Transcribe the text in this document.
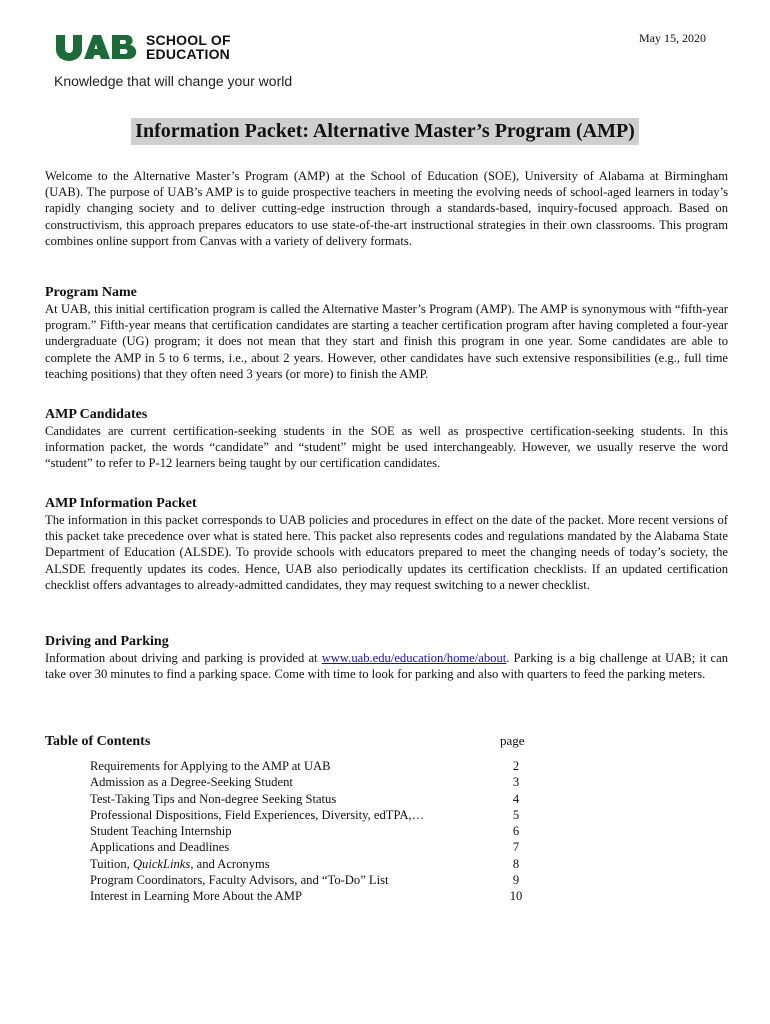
SCHOOL OF
EDUCATION
Knowledge that will change your world
May 15, 2020
Information Packet: Alternative Master’s Program (AMP)

Welcome to the Alternative Master’s Program (AMP) at the School of Education (SOE), University of Alabama at Birmingham (UAB). The purpose of UAB’s AMP is to guide prospective teachers in meeting the evolving needs of school-aged learners in today’s rapidly changing society and to deliver cutting-edge instruction through a standards-based, inquiry-focused approach. Based on constructivism, this approach prepares educators to use state-of-the-art instructional strategies in their own classrooms. This program combines online support from Canvas with a variety of delivery formats.

Program Name

At UAB, this initial certification program is called the Alternative Master’s Program (AMP). The AMP is synonymous with “fifth-year program.” Fifth-year means that certification candidates are starting a teacher certification program after having completed a four-year undergraduate (UG) program; it does not mean that they start and finish this program in one year. Some candidates are able to complete the AMP in 5 to 6 terms, i.e., about 2 years. However, other candidates have such extensive responsibilities (e.g., full time teaching positions) that they often need 3 years (or more) to finish the AMP.

AMP Candidates

Candidates are current certification-seeking students in the SOE as well as prospective certification-seeking students. In this information packet, the words “candidate” and “student” might be used interchangeably. However, we usually reserve the word “student” to refer to P-12 learners being taught by our certification candidates.

AMP Information Packet

The information in this packet corresponds to UAB policies and procedures in effect on the date of the packet. More recent versions of this packet take precedence over what is stated here. This packet also represents codes and regulations mandated by the Alabama State Department of Education (ALSDE). To provide schools with educators prepared to meet the changing needs of today’s society, the ALSDE frequently updates its codes. Hence, UAB also periodically updates its certification checklists. If an updated certification checklist offers advantages to already-admitted candidates, they may request switching to a newer checklist.

Driving and Parking

Information about driving and parking is provided at www.uab.edu/education/home/about. Parking is a big challenge at UAB; it can take over 30 minutes to find a parking space. Come with time to look for parking and also with quarters to feed the parking meters.

Table of Contents	page
Requirements for Applying to the AMP at UAB	2
Admission as a Degree-Seeking Student	3
Test-Taking Tips and Non-degree Seeking Status	4
Professional Dispositions, Field Experiences, Diversity, edTPA,…	5
Student Teaching Internship	6
Applications and Deadlines	7
Tuition, QuickLinks, and Acronyms	8
Program Coordinators, Faculty Advisors, and “To-Do” List	9
Interest in Learning More About the AMP	10
